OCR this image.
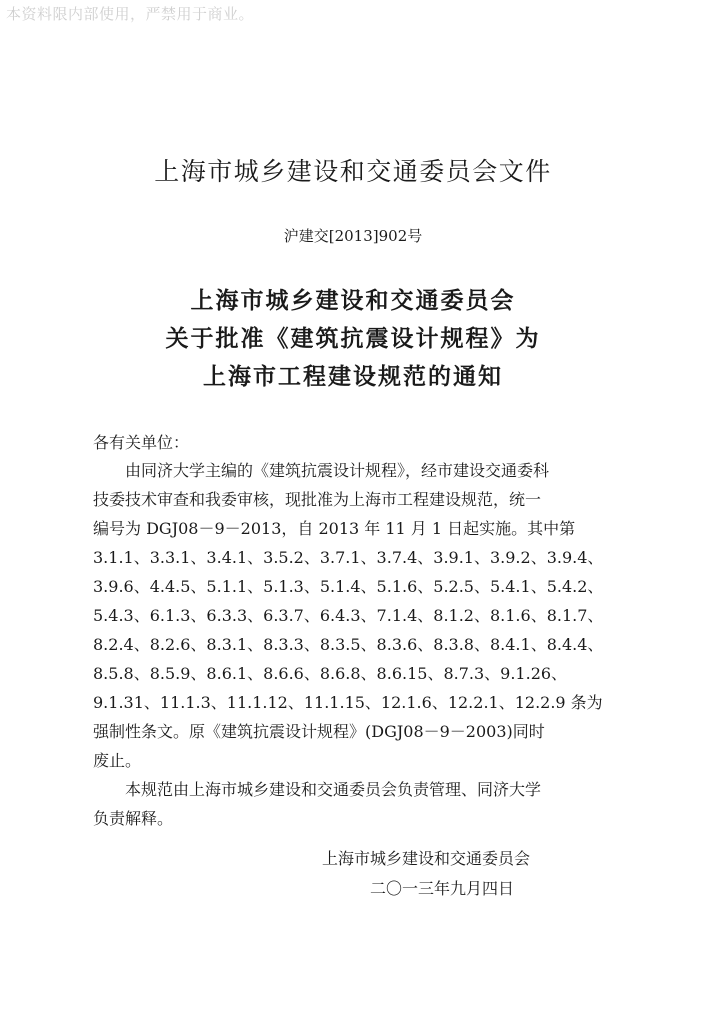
本资料限内部使用，严禁用于商业。
上海市城乡建设和交通委员会文件
沪建交[2013]902号
上海市城乡建设和交通委员会
关于批准《建筑抗震设计规程》为
上海市工程建设规范的通知
各有关单位：
由同济大学主编的《建筑抗震设计规程》，经市建设交通委科
技委技术审查和我委审核，现批准为上海市工程建设规范，统一
编号为 DGJ08－9－2013，自 2013 年 11 月 1 日起实施。其中第
3.1.1、3.3.1、3.4.1、3.5.2、3.7.1、3.7.4、3.9.1、3.9.2、3.9.4、
3.9.6、4.4.5、5.1.1、5.1.3、5.1.4、5.1.6、5.2.5、5.4.1、5.4.2、
5.4.3、6.1.3、6.3.3、6.3.7、6.4.3、7.1.4、8.1.2、8.1.6、8.1.7、
8.2.4、8.2.6、8.3.1、8.3.3、8.3.5、8.3.6、8.3.8、8.4.1、8.4.4、
8.5.8、8.5.9、8.6.1、8.6.6、8.6.8、8.6.15、8.7.3、9.1.26、
9.1.31、11.1.3、11.1.12、11.1.15、12.1.6、12.2.1、12.2.9 条为
强制性条文。原《建筑抗震设计规程》(DGJ08－9－2003)同时
废止。
本规范由上海市城乡建设和交通委员会负责管理、同济大学
负责解释。
上海市城乡建设和交通委员会
二〇一三年九月四日
